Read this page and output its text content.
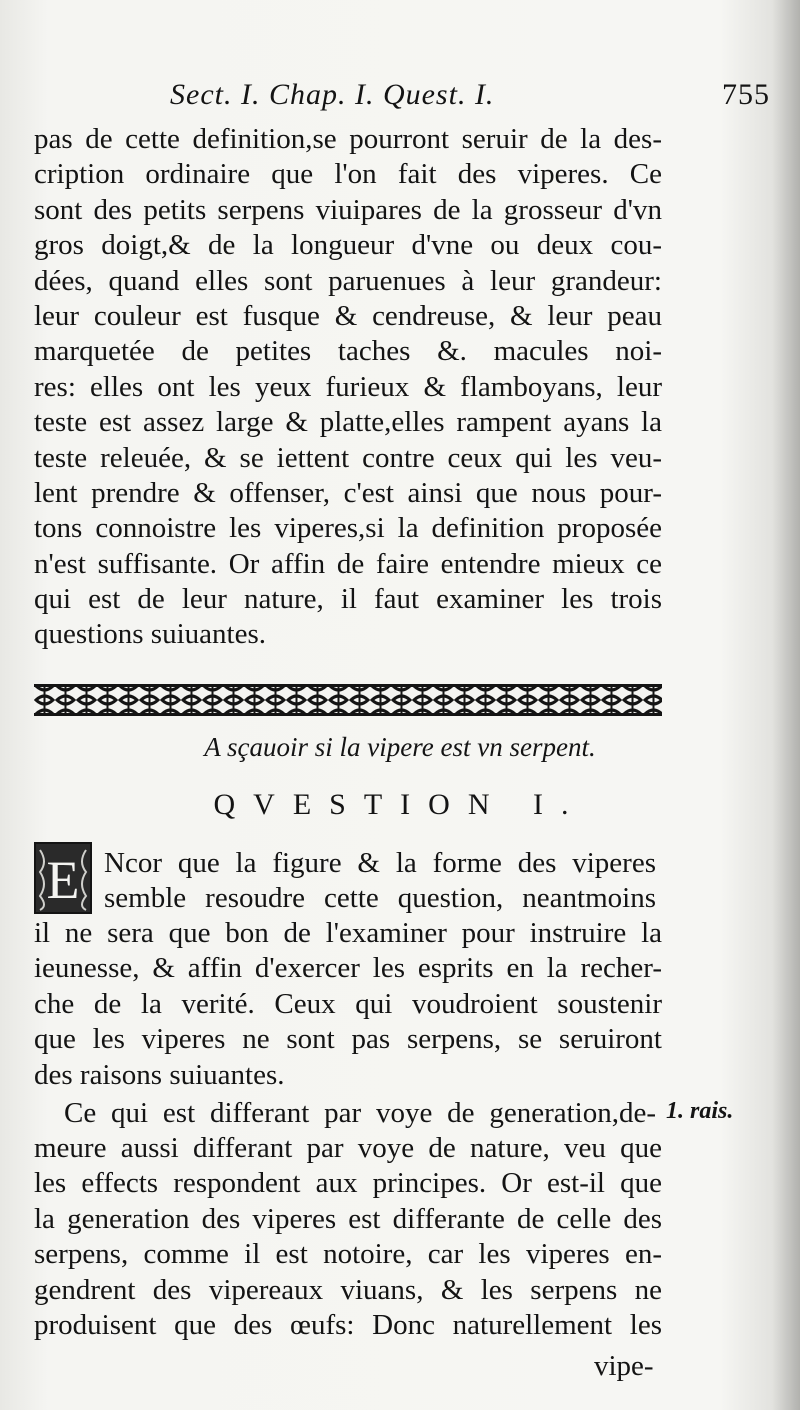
Sect. I. Chap. I. Quest. I.	755
pas de cette definition,se pourront seruir de la des-
cription ordinaire que l'on fait des viperes. Ce
sont des petits serpens viuipares de la grosseur d'vn
gros doigt,& de la longueur d'vne ou deux cou-
dées, quand elles sont paruenues à leur grandeur:
leur couleur est fusque & cendreuse, & leur peau
marquetée de petites taches &. macules noi-
res: elles ont les yeux furieux & flamboyans, leur
teste est assez large & platte,elles rampent ayans la
teste releuée, & se iettent contre ceux qui les veu-
lent prendre & offenser, c'est ainsi que nous pour-
tons connoistre les viperes,si la definition proposée
n'est suffisante. Or affin de faire entendre mieux ce
qui est de leur nature, il faut examiner les trois
questions suiuantes.
A sçauoir si la vipere est vn serpent.
QVESTION I.
E Ncor que la figure & la forme des viperes
semble resoudre cette question, neantmoins
il ne sera que bon de l'examiner pour instruire la
ieunesse, & affin d'exercer les esprits en la recher-
che de la verité. Ceux qui voudroient soustenir
que les viperes ne sont pas serpens, se seruiront
des raisons suiuantes.
Ce qui est differant par voye de generation,de-
meure aussi differant par voye de nature, veu que
les effects respondent aux principes. Or est-il que
la generation des viperes est differante de celle des
serpens, comme il est notoire, car les viperes en-
gendrent des vipereaux viuans, & les serpens ne
produisent que des œufs: Donc naturellement les
1. rais.
vipe-
